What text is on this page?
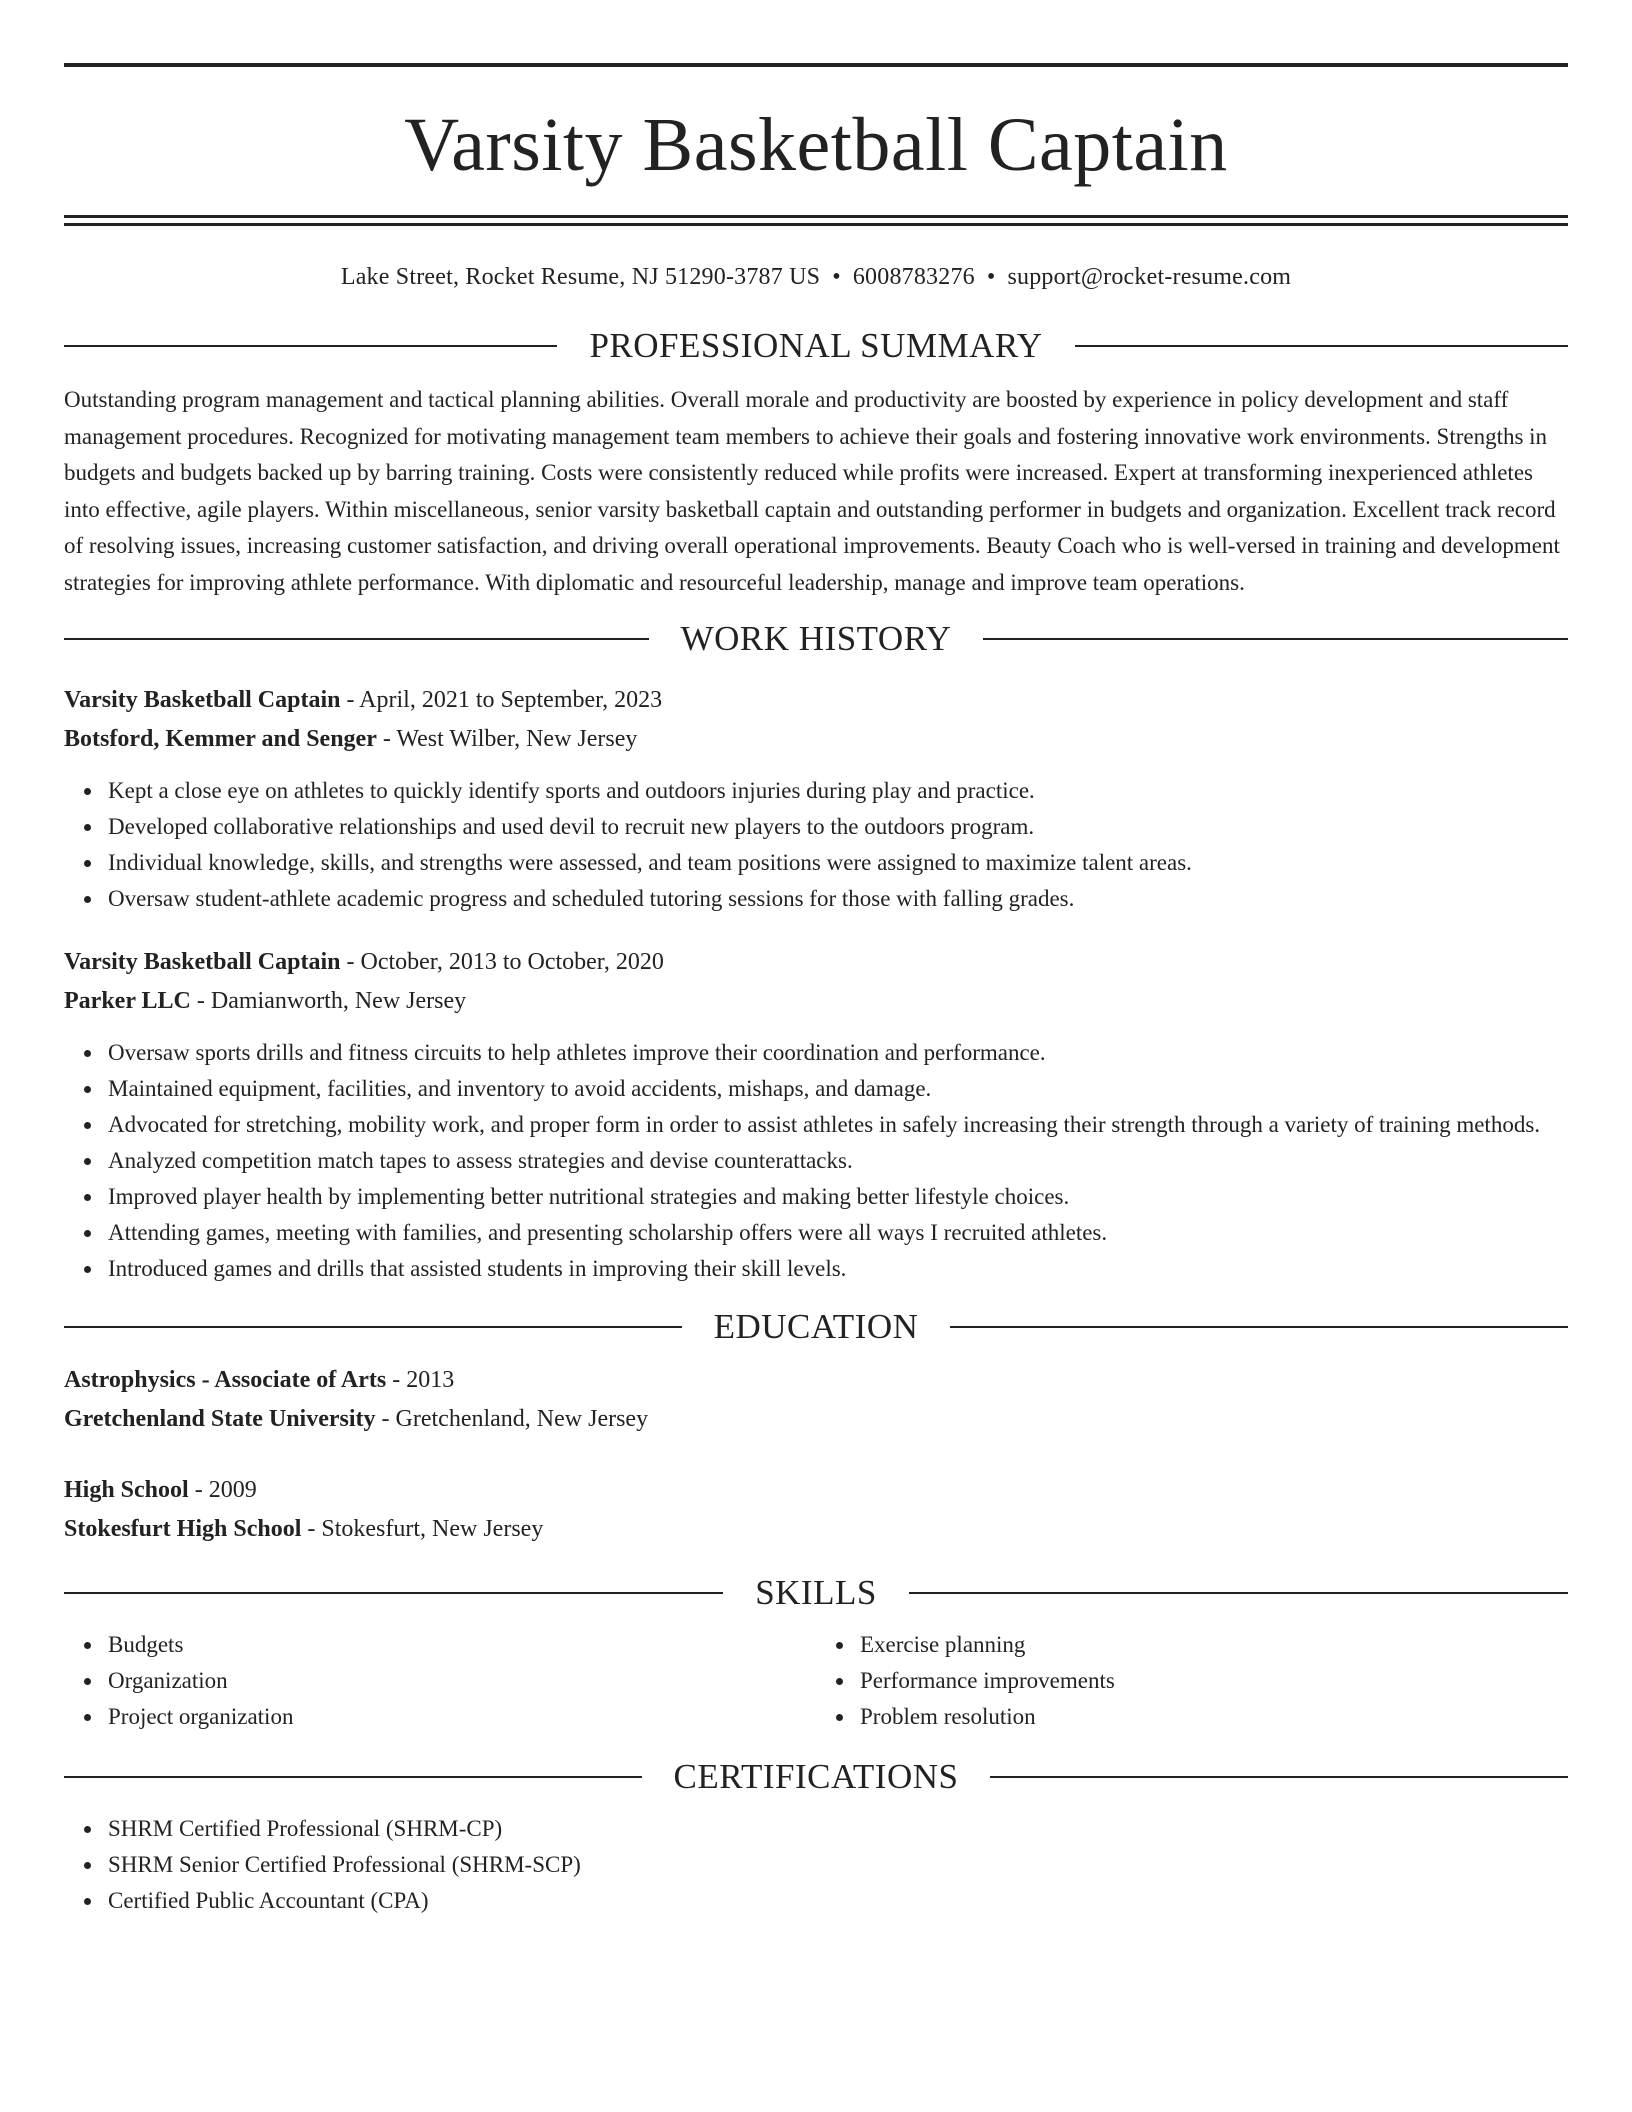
Varsity Basketball Captain
Lake Street, Rocket Resume, NJ 51290-3787 US • 6008783276 • support@rocket-resume.com
PROFESSIONAL SUMMARY
Outstanding program management and tactical planning abilities. Overall morale and productivity are boosted by experience in policy development and staff management procedures. Recognized for motivating management team members to achieve their goals and fostering innovative work environments. Strengths in budgets and budgets backed up by barring training. Costs were consistently reduced while profits were increased. Expert at transforming inexperienced athletes into effective, agile players. Within miscellaneous, senior varsity basketball captain and outstanding performer in budgets and organization. Excellent track record of resolving issues, increasing customer satisfaction, and driving overall operational improvements. Beauty Coach who is well-versed in training and development strategies for improving athlete performance. With diplomatic and resourceful leadership, manage and improve team operations.
WORK HISTORY
Varsity Basketball Captain - April, 2021 to September, 2023
Botsford, Kemmer and Senger - West Wilber, New Jersey
Kept a close eye on athletes to quickly identify sports and outdoors injuries during play and practice.
Developed collaborative relationships and used devil to recruit new players to the outdoors program.
Individual knowledge, skills, and strengths were assessed, and team positions were assigned to maximize talent areas.
Oversaw student-athlete academic progress and scheduled tutoring sessions for those with falling grades.
Varsity Basketball Captain - October, 2013 to October, 2020
Parker LLC - Damianworth, New Jersey
Oversaw sports drills and fitness circuits to help athletes improve their coordination and performance.
Maintained equipment, facilities, and inventory to avoid accidents, mishaps, and damage.
Advocated for stretching, mobility work, and proper form in order to assist athletes in safely increasing their strength through a variety of training methods.
Analyzed competition match tapes to assess strategies and devise counterattacks.
Improved player health by implementing better nutritional strategies and making better lifestyle choices.
Attending games, meeting with families, and presenting scholarship offers were all ways I recruited athletes.
Introduced games and drills that assisted students in improving their skill levels.
EDUCATION
Astrophysics - Associate of Arts - 2013
Gretchenland State University - Gretchenland, New Jersey
High School - 2009
Stokesfurt High School - Stokesfurt, New Jersey
SKILLS
Budgets
Organization
Project organization
Exercise planning
Performance improvements
Problem resolution
CERTIFICATIONS
SHRM Certified Professional (SHRM-CP)
SHRM Senior Certified Professional (SHRM-SCP)
Certified Public Accountant (CPA)
